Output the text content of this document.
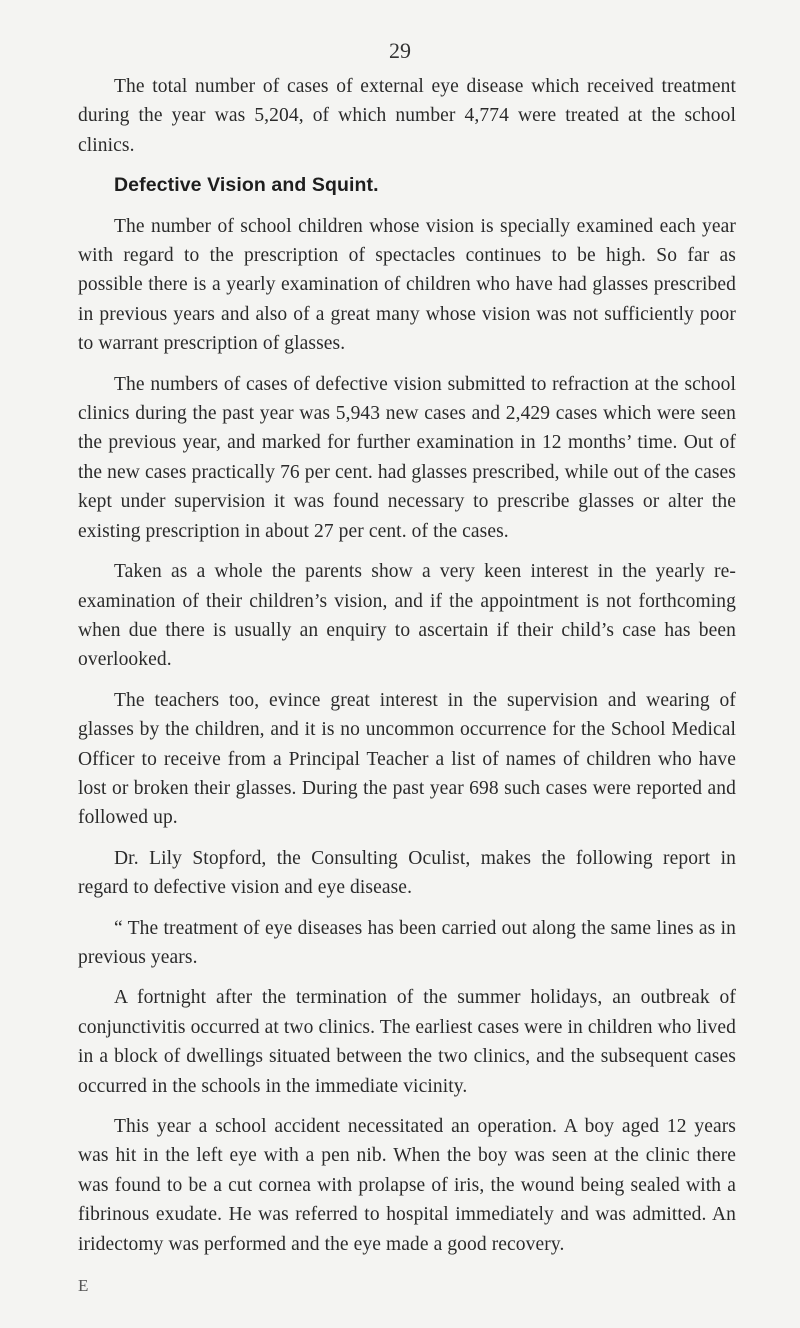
29

The total number of cases of external eye disease which received treatment during the year was 5,204, of which number 4,774 were treated at the school clinics.

Defective Vision and Squint.

The number of school children whose vision is specially examined each year with regard to the prescription of spectacles continues to be high. So far as possible there is a yearly examination of children who have had glasses prescribed in previous years and also of a great many whose vision was not sufficiently poor to warrant prescription of glasses.

The numbers of cases of defective vision submitted to refraction at the school clinics during the past year was 5,943 new cases and 2,429 cases which were seen the previous year, and marked for further examination in 12 months’ time. Out of the new cases practically 76 per cent. had glasses prescribed, while out of the cases kept under supervision it was found necessary to prescribe glasses or alter the existing prescription in about 27 per cent. of the cases.

Taken as a whole the parents show a very keen interest in the yearly re-examination of their children’s vision, and if the appointment is not forthcoming when due there is usually an enquiry to ascertain if their child’s case has been overlooked.

The teachers too, evince great interest in the supervision and wearing of glasses by the children, and it is no uncommon occurrence for the School Medical Officer to receive from a Principal Teacher a list of names of children who have lost or broken their glasses. During the past year 698 such cases were reported and followed up.

Dr. Lily Stopford, the Consulting Oculist, makes the following report in regard to defective vision and eye disease.

“ The treatment of eye diseases has been carried out along the same lines as in previous years.

A fortnight after the termination of the summer holidays, an outbreak of conjunctivitis occurred at two clinics. The earliest cases were in children who lived in a block of dwellings situated between the two clinics, and the subsequent cases occurred in the schools in the immediate vicinity.

This year a school accident necessitated an operation. A boy aged 12 years was hit in the left eye with a pen nib. When the boy was seen at the clinic there was found to be a cut cornea with prolapse of iris, the wound being sealed with a fibrinous exudate. He was referred to hospital immediately and was admitted. An iridectomy was performed and the eye made a good recovery.

E
